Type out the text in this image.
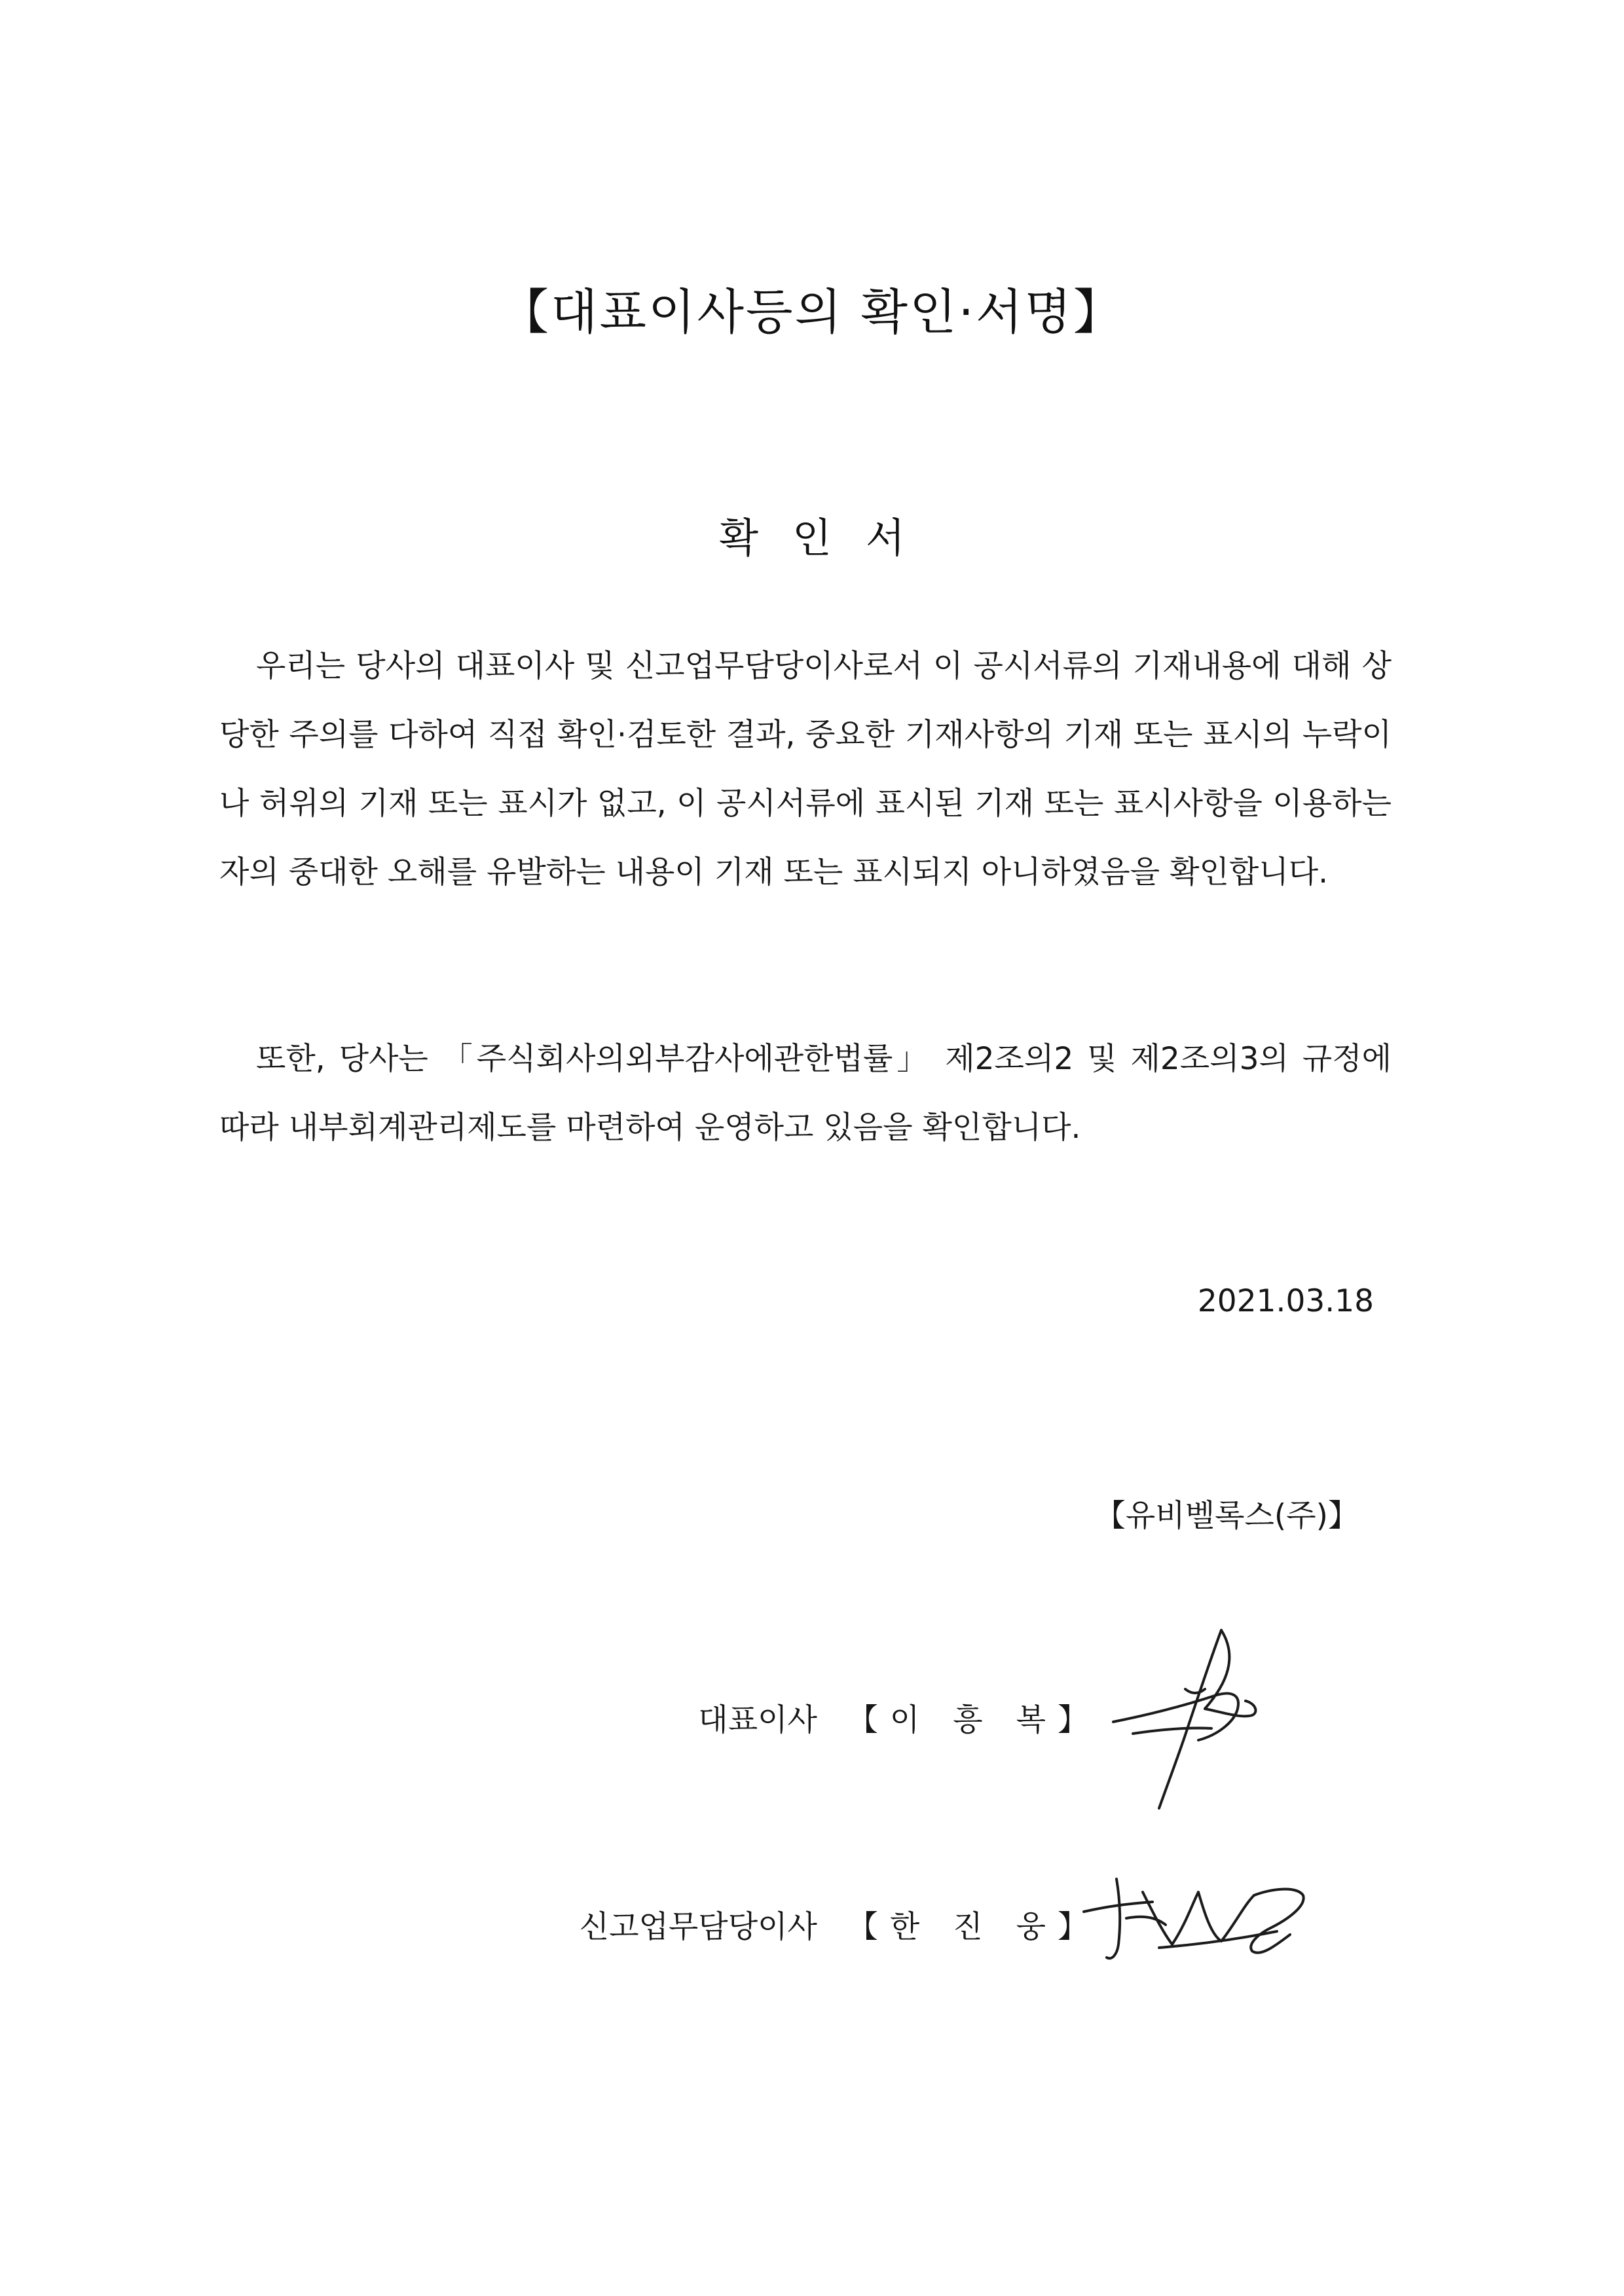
【대표이사등의 확인·서명】
확인서
우리는 당사의 대표이사 및 신고업무담당이사로서 이 공시서류의 기재내용에 대해 상당한 주의를 다하여 직접 확인·검토한 결과, 중요한 기재사항의 기재 또는 표시의 누락이나 허위의 기재 또는 표시가 없고, 이 공시서류에 표시된 기재 또는 표시사항을 이용하는 자의 중대한 오해를 유발하는 내용이 기재 또는 표시되지 아니하였음을 확인합니다.
또한, 당사는 「주식회사의외부감사에관한법률」 제2조의2 및 제2조의3의 규정에 따라 내부회계관리제도를 마련하여 운영하고 있음을 확인합니다.
2021.03.18
【유비벨록스(주)】
대표이사 【이 흥 복】
신고업무담당이사 【한 진 웅】
